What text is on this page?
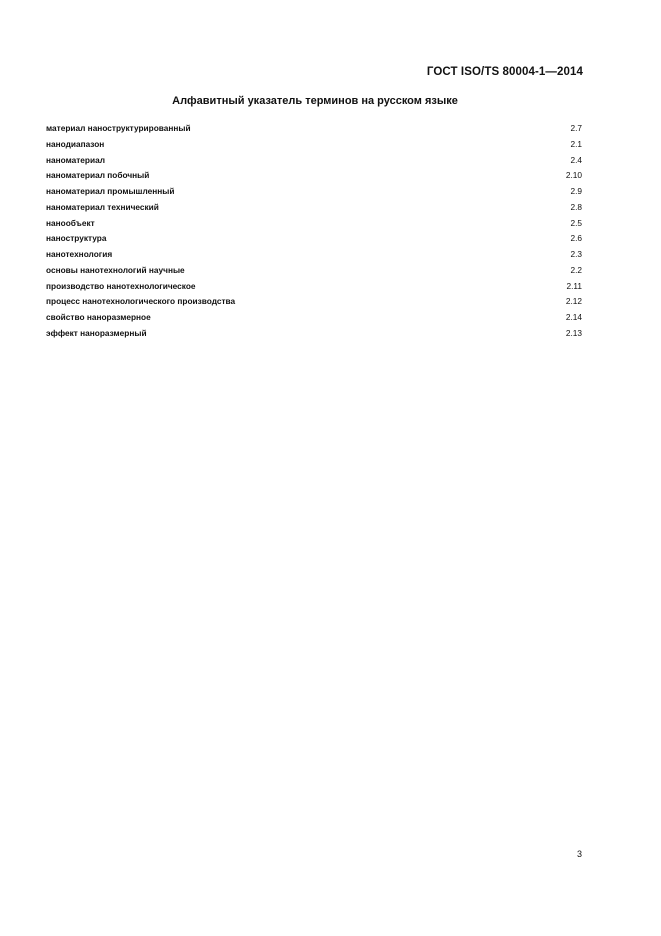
ГОСТ ISO/TS 80004-1—2014
Алфавитный указатель терминов на русском языке
материал наноструктурированный	2.7
нанодиапазон	2.1
наноматериал	2.4
наноматериал побочный	2.10
наноматериал промышленный	2.9
наноматериал технический	2.8
нанообъект	2.5
наноструктура	2.6
нанотехнология	2.3
основы нанотехнологий научные	2.2
производство нанотехнологическое	2.11
процесс нанотехнологического производства	2.12
свойство наноразмерное	2.14
эффект наноразмерный	2.13
3
